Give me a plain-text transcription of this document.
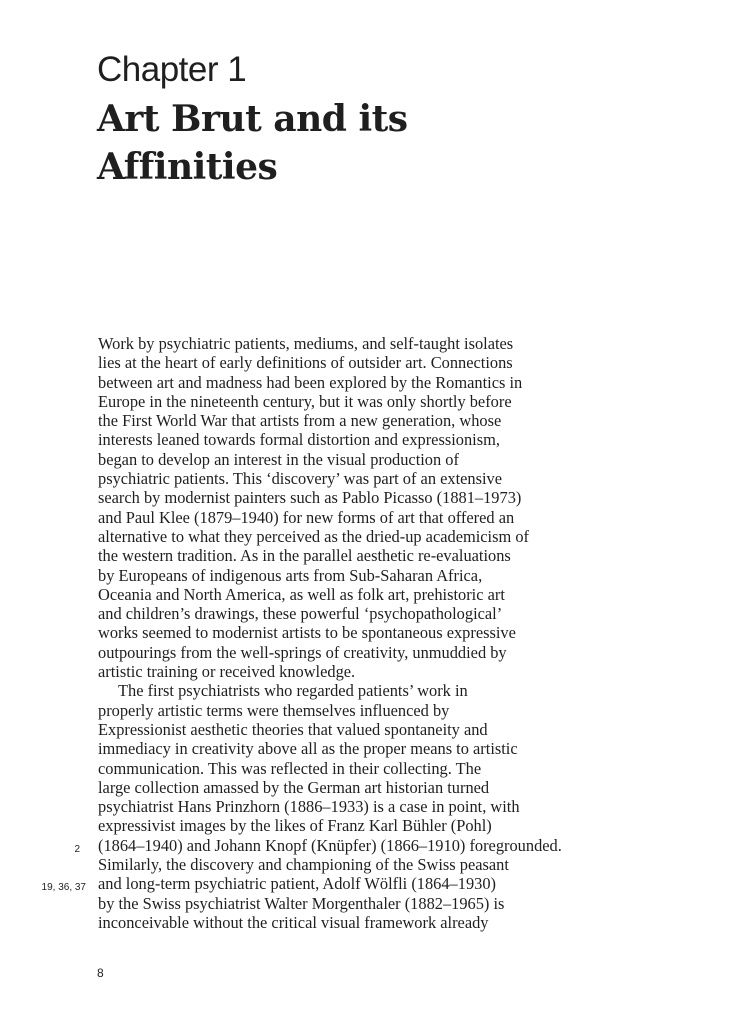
Chapter 1
Art Brut and its
Affinities
Work by psychiatric patients, mediums, and self-taught isolates
lies at the heart of early definitions of outsider art. Connections
between art and madness had been explored by the Romantics in
Europe in the nineteenth century, but it was only shortly before
the First World War that artists from a new generation, whose
interests leaned towards formal distortion and expressionism,
began to develop an interest in the visual production of
psychiatric patients. This ‘discovery’ was part of an extensive
search by modernist painters such as Pablo Picasso (1881–1973)
and Paul Klee (1879–1940) for new forms of art that offered an
alternative to what they perceived as the dried-up academicism of
the western tradition. As in the parallel aesthetic re-evaluations
by Europeans of indigenous arts from Sub-Saharan Africa,
Oceania and North America, as well as folk art, prehistoric art
and children’s drawings, these powerful ‘psychopathological’
works seemed to modernist artists to be spontaneous expressive
outpourings from the well-springs of creativity, unmuddied by
artistic training or received knowledge.
The first psychiatrists who regarded patients’ work in
properly artistic terms were themselves influenced by
Expressionist aesthetic theories that valued spontaneity and
immediacy in creativity above all as the proper means to artistic
communication. This was reflected in their collecting. The
large collection amassed by the German art historian turned
psychiatrist Hans Prinzhorn (1886–1933) is a case in point, with
expressivist images by the likes of Franz Karl Bühler (Pohl)
(1864–1940) and Johann Knopf (Knüpfer) (1866–1910) foregrounded.
Similarly, the discovery and championing of the Swiss peasant
and long-term psychiatric patient, Adolf Wölfli (1864–1930)
by the Swiss psychiatrist Walter Morgenthaler (1882–1965) is
inconceivable without the critical visual framework already
2
19, 36, 37
8
